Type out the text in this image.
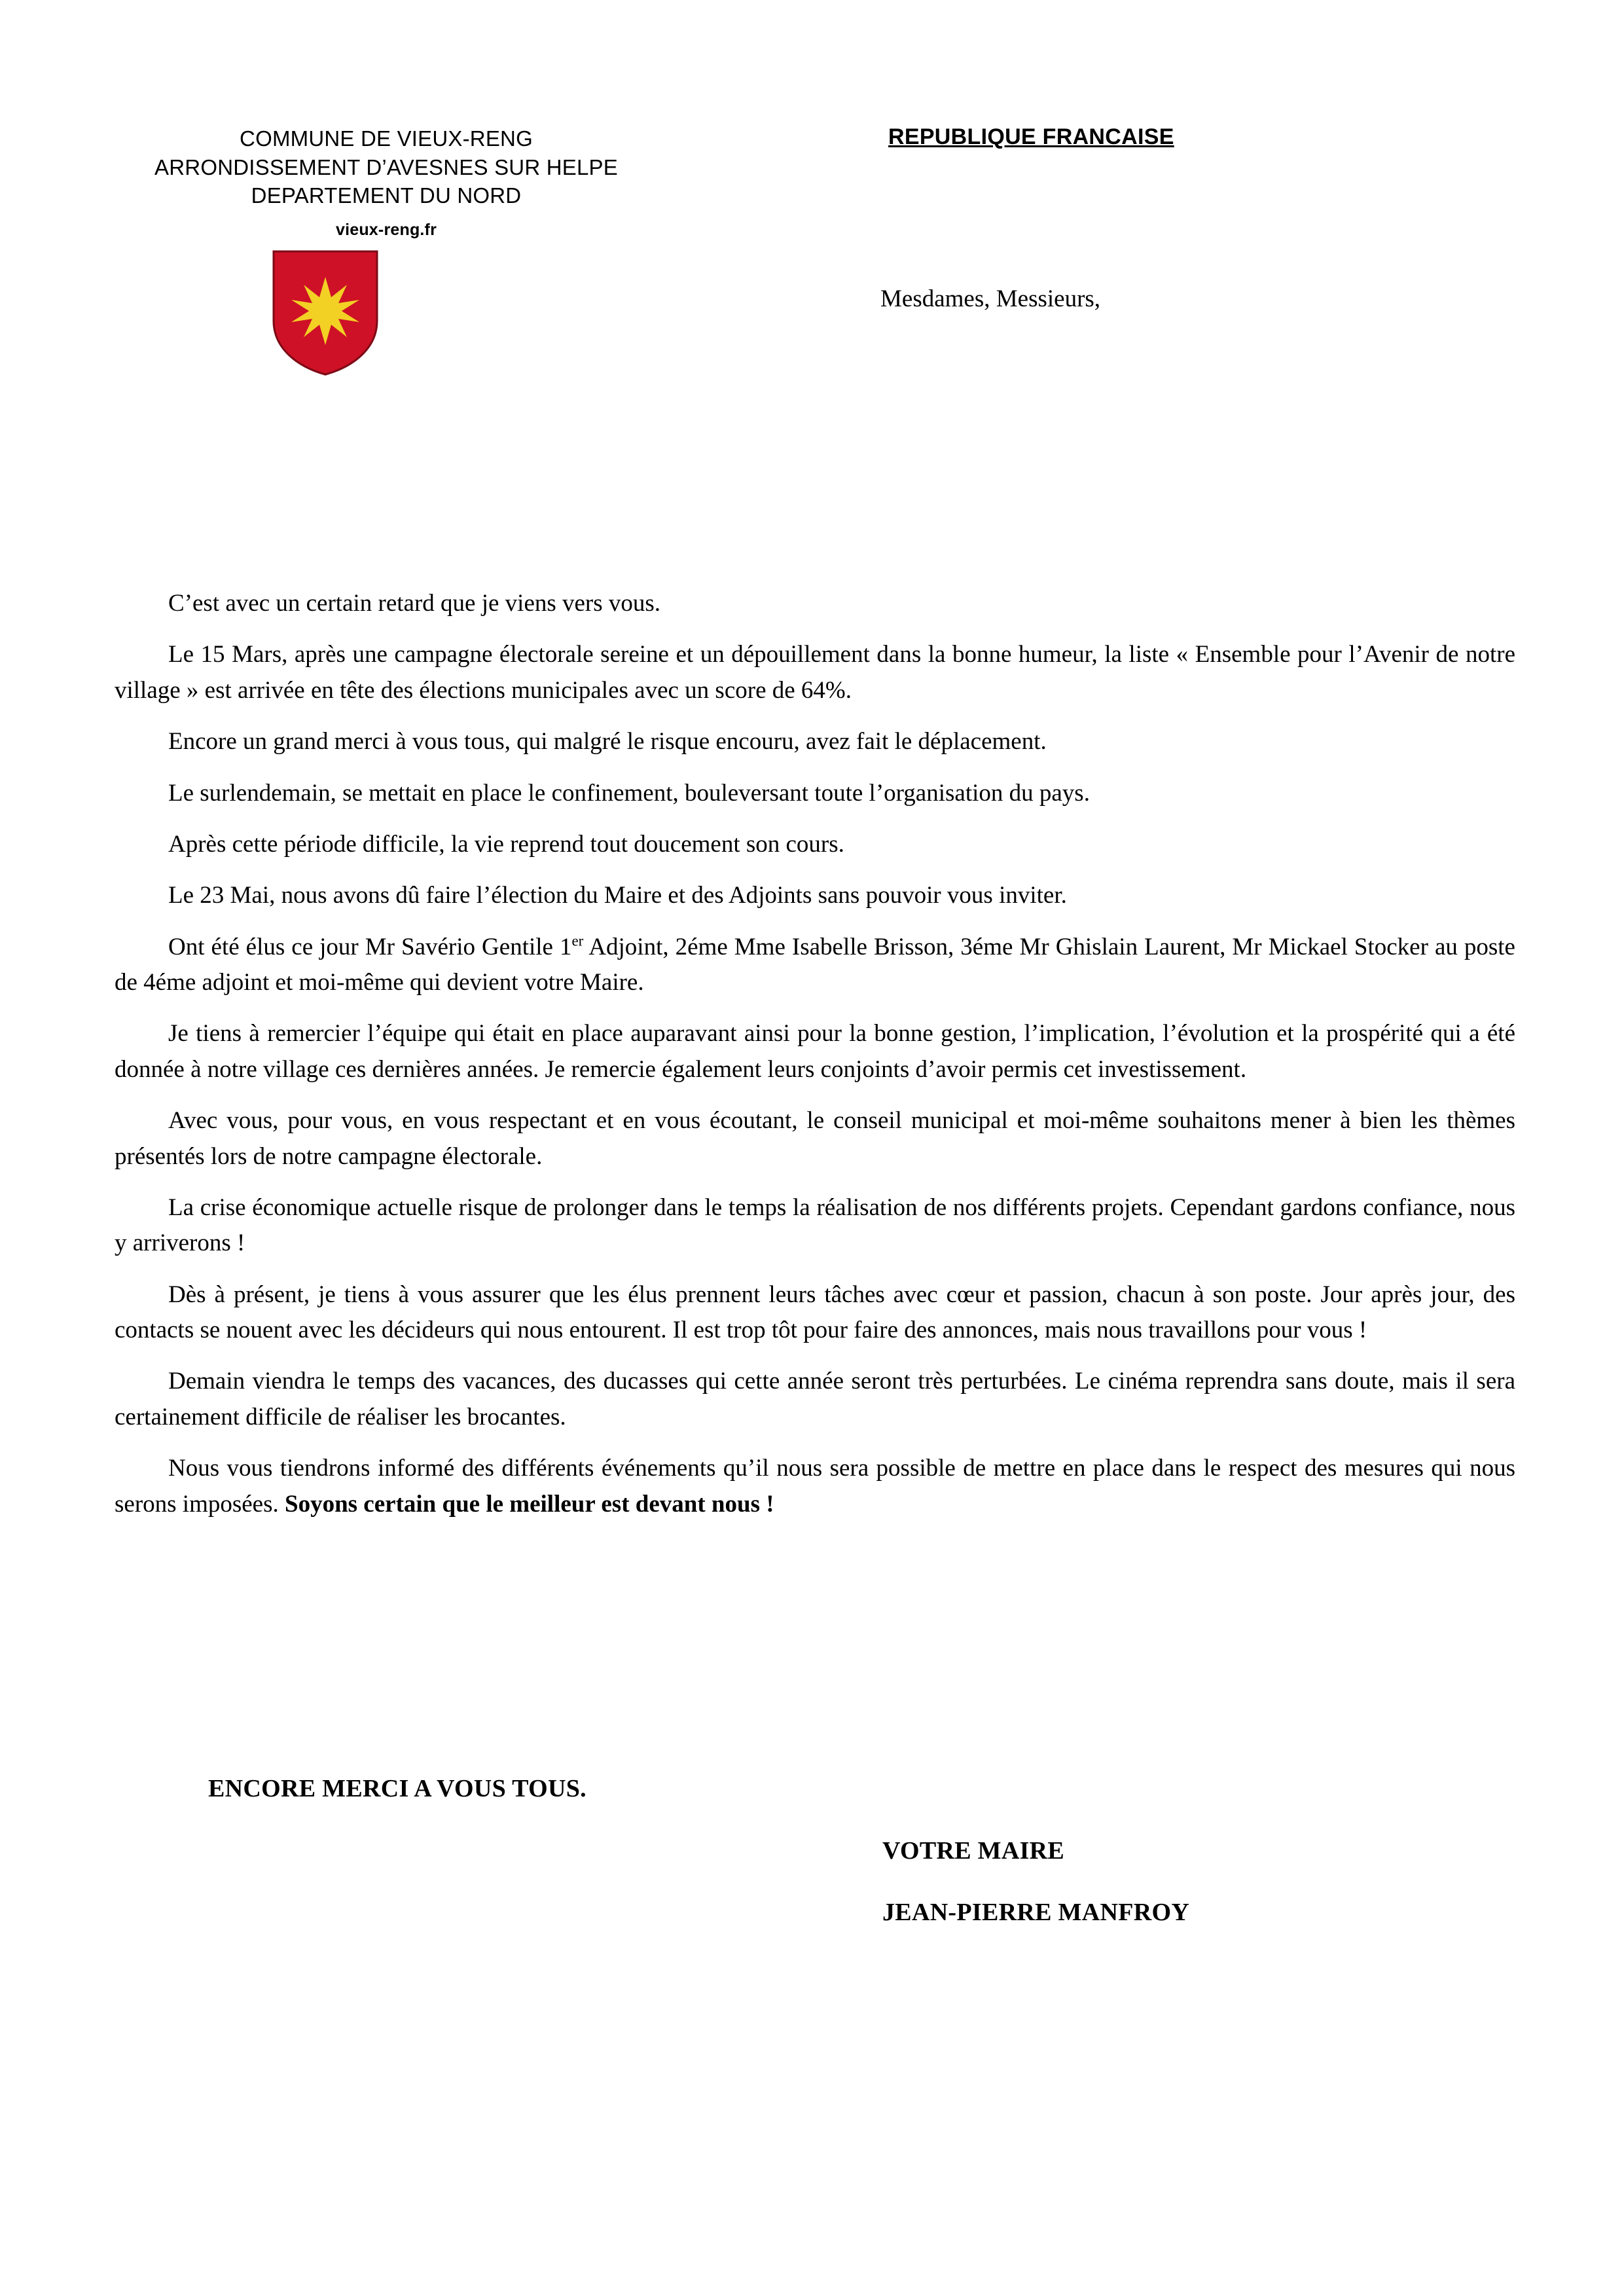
COMMUNE DE VIEUX-RENG
ARRONDISSEMENT D’AVESNES SUR HELPE
DEPARTEMENT DU NORD
vieux-reng.fr
REPUBLIQUE FRANCAISE
Mesdames, Messieurs,

C’est avec un certain retard que je viens vers vous.

Le 15 Mars, après une campagne électorale sereine et un dépouillement dans la bonne humeur, la liste « Ensemble pour l’Avenir de notre village » est arrivée en tête des élections municipales avec un score de 64%.

Encore un grand merci à vous tous, qui malgré le risque encouru, avez fait le déplacement.

Le surlendemain, se mettait en place le confinement, bouleversant toute l’organisation du pays.

Après cette période difficile, la vie reprend tout doucement son cours.

Le 23 Mai, nous avons dû faire l’élection du Maire et des Adjoints sans pouvoir vous inviter.

Ont été élus ce jour Mr Savério Gentile 1er Adjoint, 2éme Mme Isabelle Brisson, 3éme Mr Ghislain Laurent, Mr Mickael Stocker au poste de 4éme adjoint et moi-même qui devient votre Maire.

Je tiens à remercier l’équipe qui était en place auparavant ainsi pour la bonne gestion, l’implication, l’évolution et la prospérité qui a été donnée à notre village ces dernières années. Je remercie également leurs conjoints d’avoir permis cet investissement.

Avec vous, pour vous, en vous respectant et en vous écoutant, le conseil municipal et moi-même souhaitons mener à bien les thèmes présentés lors de notre campagne électorale.

La crise économique actuelle risque de prolonger dans le temps la réalisation de nos différents projets. Cependant gardons confiance, nous y arriverons !

Dès à présent, je tiens à vous assurer que les élus prennent leurs tâches avec cœur et passion, chacun à son poste. Jour après jour, des contacts se nouent avec les décideurs qui nous entourent. Il est trop tôt pour faire des annonces, mais nous travaillons pour vous !

Demain viendra le temps des vacances, des ducasses qui cette année seront très perturbées. Le cinéma reprendra sans doute, mais il sera certainement difficile de réaliser les brocantes.

Nous vous tiendrons informé des différents événements qu’il nous sera possible de mettre en place dans le respect des mesures qui nous serons imposées. Soyons certain que le meilleur est devant nous !

ENCORE MERCI A VOUS TOUS.
VOTRE MAIRE
JEAN-PIERRE MANFROY
